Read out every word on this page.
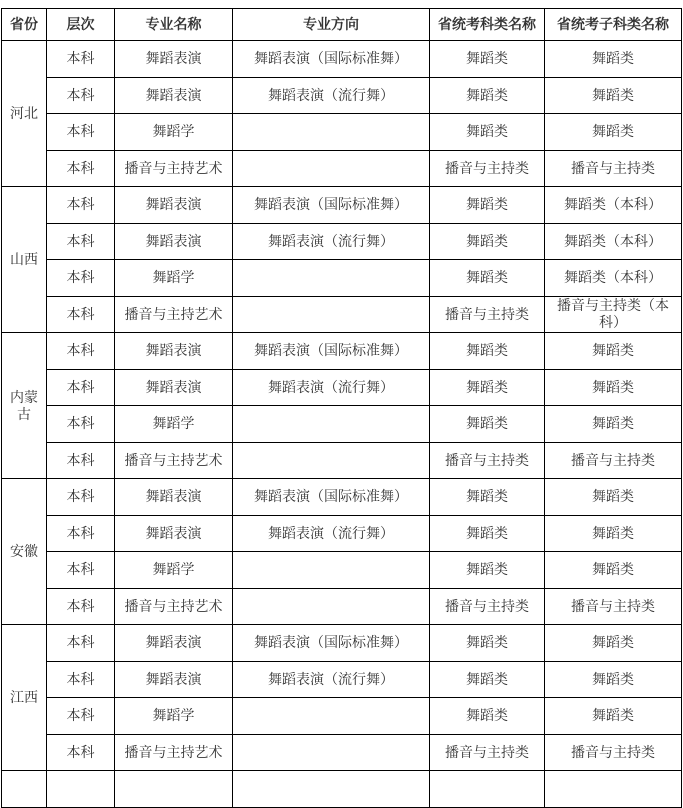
省份	层次	专业名称	专业方向	省统考科类名称	省统考子科类名称
河北	本科	舞蹈表演	舞蹈表演（国际标准舞）	舞蹈类	舞蹈类
	本科	舞蹈表演	舞蹈表演（流行舞）	舞蹈类	舞蹈类
	本科	舞蹈学		舞蹈类	舞蹈类
	本科	播音与主持艺术		播音与主持类	播音与主持类
山西	本科	舞蹈表演	舞蹈表演（国际标准舞）	舞蹈类	舞蹈类（本科）
	本科	舞蹈表演	舞蹈表演（流行舞）	舞蹈类	舞蹈类（本科）
	本科	舞蹈学		舞蹈类	舞蹈类（本科）
	本科	播音与主持艺术		播音与主持类	播音与主持类（本科）
内蒙古	本科	舞蹈表演	舞蹈表演（国际标准舞）	舞蹈类	舞蹈类
	本科	舞蹈表演	舞蹈表演（流行舞）	舞蹈类	舞蹈类
	本科	舞蹈学		舞蹈类	舞蹈类
	本科	播音与主持艺术		播音与主持类	播音与主持类
安徽	本科	舞蹈表演	舞蹈表演（国际标准舞）	舞蹈类	舞蹈类
	本科	舞蹈表演	舞蹈表演（流行舞）	舞蹈类	舞蹈类
	本科	舞蹈学		舞蹈类	舞蹈类
	本科	播音与主持艺术		播音与主持类	播音与主持类
江西	本科	舞蹈表演	舞蹈表演（国际标准舞）	舞蹈类	舞蹈类
	本科	舞蹈表演	舞蹈表演（流行舞）	舞蹈类	舞蹈类
	本科	舞蹈学		舞蹈类	舞蹈类
	本科	播音与主持艺术		播音与主持类	播音与主持类
